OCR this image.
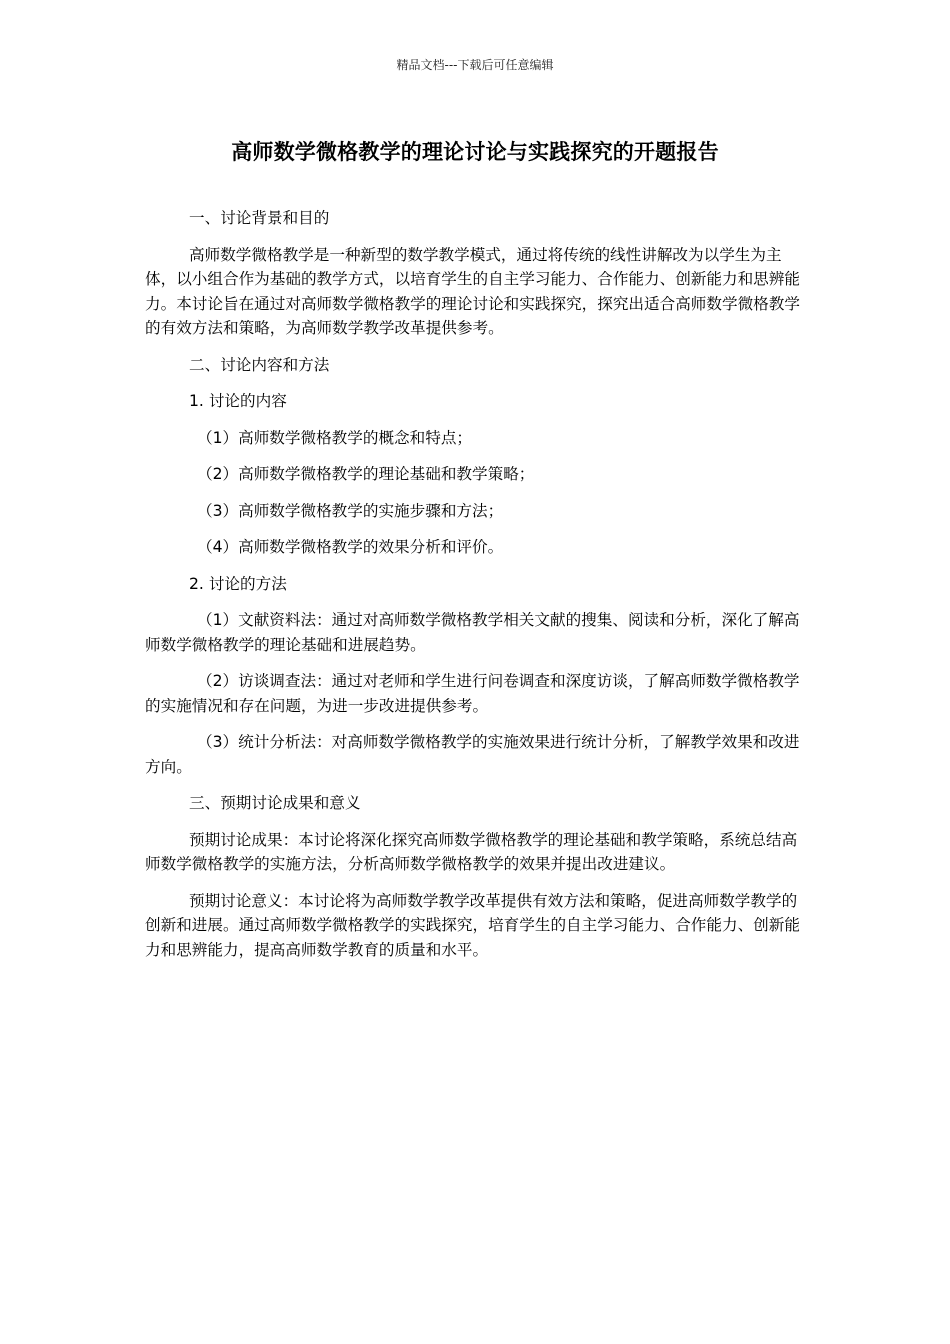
精品文档---下载后可任意编辑
高师数学微格教学的理论讨论与实践探究的开题报告

一、讨论背景和目的

高师数学微格教学是一种新型的数学教学模式，通过将传统的线性讲解改为以学生为主体，以小组合作为基础的教学方式，以培育学生的自主学习能力、合作能力、创新能力和思辨能力。本讨论旨在通过对高师数学微格教学的理论讨论和实践探究，探究出适合高师数学微格教学的有效方法和策略，为高师数学教学改革提供参考。

二、讨论内容和方法

1. 讨论的内容

（1）高师数学微格教学的概念和特点；

（2）高师数学微格教学的理论基础和教学策略；

（3）高师数学微格教学的实施步骤和方法；

（4）高师数学微格教学的效果分析和评价。

2. 讨论的方法

（1）文献资料法：通过对高师数学微格教学相关文献的搜集、阅读和分析，深化了解高师数学微格教学的理论基础和进展趋势。

（2）访谈调查法：通过对老师和学生进行问卷调查和深度访谈，了解高师数学微格教学的实施情况和存在问题，为进一步改进提供参考。

（3）统计分析法：对高师数学微格教学的实施效果进行统计分析，了解教学效果和改进方向。

三、预期讨论成果和意义

预期讨论成果：本讨论将深化探究高师数学微格教学的理论基础和教学策略，系统总结高师数学微格教学的实施方法，分析高师数学微格教学的效果并提出改进建议。

预期讨论意义：本讨论将为高师数学教学改革提供有效方法和策略，促进高师数学教学的创新和进展。通过高师数学微格教学的实践探究，培育学生的自主学习能力、合作能力、创新能力和思辨能力，提高高师数学教育的质量和水平。
